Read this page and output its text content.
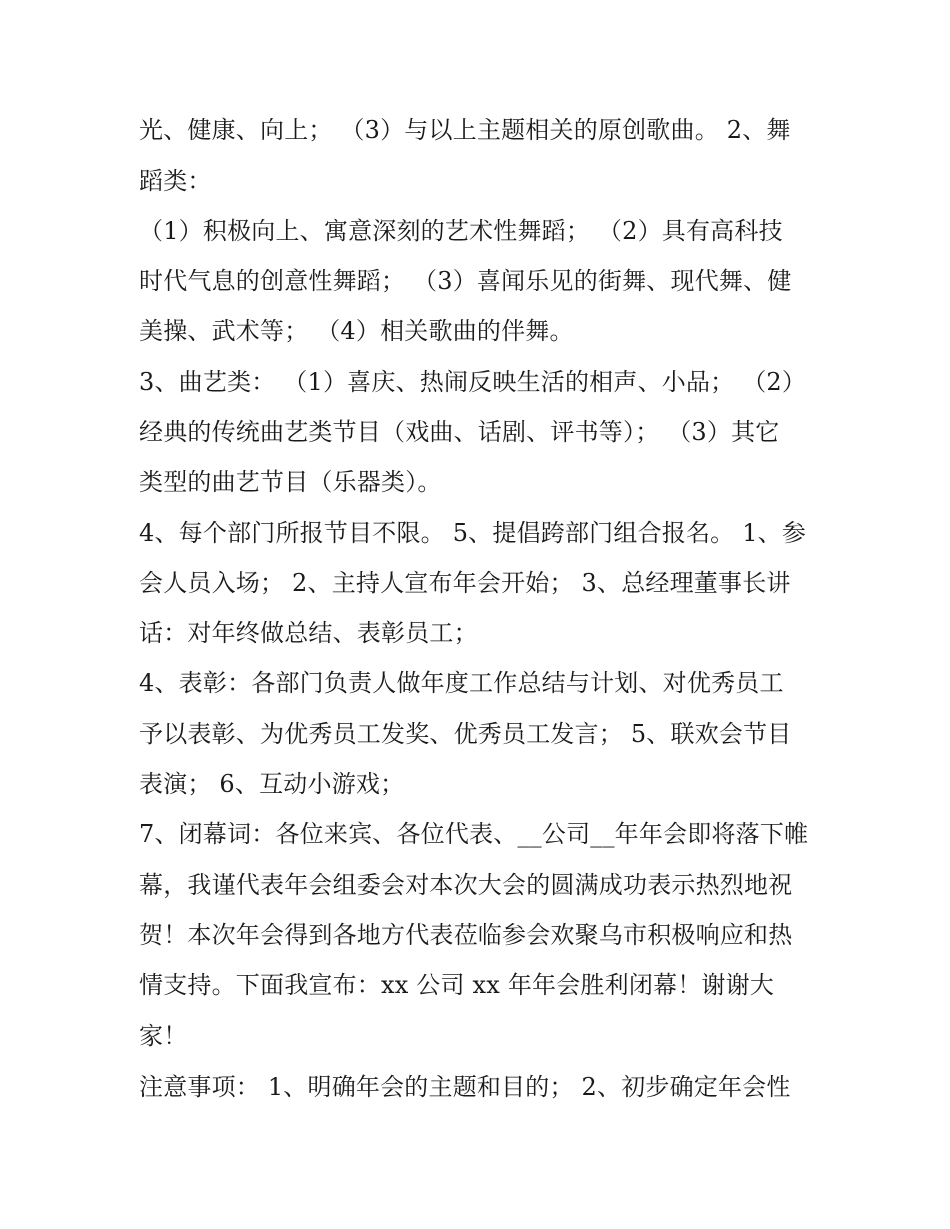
光、健康、向上； （3）与以上主题相关的原创歌曲。 2、舞
蹈类：
（1）积极向上、寓意深刻的艺术性舞蹈； （2）具有高科技
时代气息的创意性舞蹈； （3）喜闻乐见的街舞、现代舞、健
美操、武术等； （4）相关歌曲的伴舞。
3、曲艺类： （1）喜庆、热闹反映生活的相声、小品； （2）
经典的传统曲艺类节目（戏曲、话剧、评书等）； （3）其它
类型的曲艺节目（乐器类）。
4、每个部门所报节目不限。 5、提倡跨部门组合报名。 1、参
会人员入场； 2、主持人宣布年会开始； 3、总经理董事长讲
话：对年终做总结、表彰员工；
4、表彰：各部门负责人做年度工作总结与计划、对优秀员工
予以表彰、为优秀员工发奖、优秀员工发言； 5、联欢会节目
表演； 6、互动小游戏；
7、闭幕词：各位来宾、各位代表、__公司__年年会即将落下帷
幕，我谨代表年会组委会对本次大会的圆满成功表示热烈地祝
贺！本次年会得到各地方代表莅临参会欢聚乌市积极响应和热
情支持。下面我宣布：xx 公司 xx 年年会胜利闭幕！谢谢大
家！
注意事项： 1、明确年会的主题和目的； 2、初步确定年会性
